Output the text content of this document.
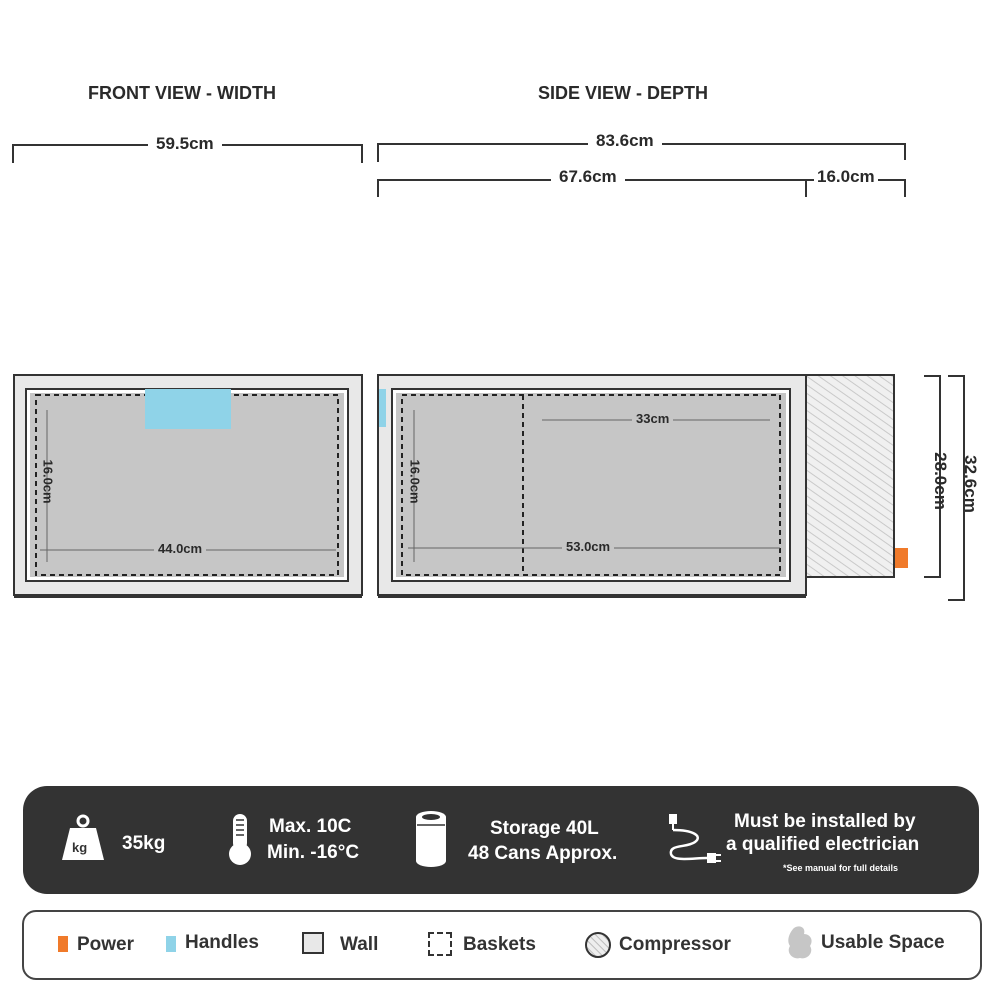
FRONT VIEW - WIDTH	SIDE VIEW - DEPTH
59.5cm	83.6cm
67.6cm	16.0cm
16.0cm
44.0cm
16.0cm
33cm
53.0cm
28.0cm 32.6cm
kg 35kg
Max. 10C
Min. -16°C
Storage 40L
48 Cans Approx.
Must be installed by
a qualified electrician
*See manual for full details
Power	Handles	Wall	Baskets	Compressor	Usable Space
